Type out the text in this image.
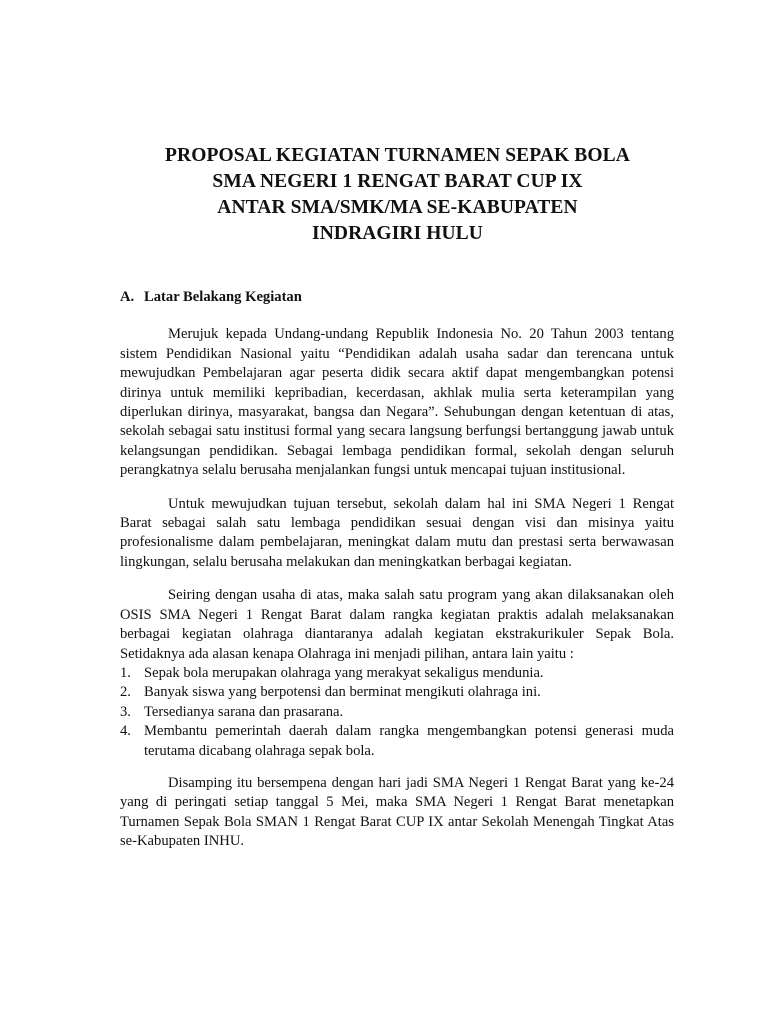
PROPOSAL KEGIATAN TURNAMEN SEPAK BOLA

SMA NEGERI 1 RENGAT BARAT CUP IX

ANTAR SMA/SMK/MA SE-KABUPATEN

INDRAGIRI HULU

A. Latar Belakang Kegiatan

Merujuk kepada Undang-undang Republik Indonesia No. 20 Tahun 2003 tentang sistem Pendidikan Nasional yaitu “Pendidikan adalah usaha sadar dan terencana untuk mewujudkan Pembelajaran agar peserta didik secara aktif dapat mengembangkan potensi dirinya untuk memiliki kepribadian, kecerdasan, akhlak mulia serta keterampilan yang diperlukan dirinya, masyarakat, bangsa dan Negara”. Sehubungan dengan ketentuan di atas, sekolah sebagai satu institusi formal yang secara langsung berfungsi bertanggung jawab untuk kelangsungan pendidikan. Sebagai lembaga pendidikan formal, sekolah dengan seluruh perangkatnya selalu berusaha menjalankan fungsi untuk mencapai tujuan institusional.

Untuk mewujudkan tujuan tersebut, sekolah dalam hal ini SMA Negeri 1 Rengat Barat sebagai salah satu lembaga pendidikan sesuai dengan visi dan misinya yaitu profesionalisme dalam pembelajaran, meningkat dalam mutu dan prestasi serta berwawasan lingkungan, selalu berusaha melakukan dan meningkatkan berbagai kegiatan.

Seiring dengan usaha di atas, maka salah satu program yang akan dilaksanakan oleh OSIS SMA Negeri 1 Rengat Barat dalam rangka kegiatan praktis adalah melaksanakan berbagai kegiatan olahraga diantaranya adalah kegiatan ekstrakurikuler Sepak Bola. Setidaknya ada alasan kenapa Olahraga ini menjadi pilihan, antara lain yaitu :

1. Sepak bola merupakan olahraga yang merakyat sekaligus mendunia.
2. Banyak siswa yang berpotensi dan berminat mengikuti olahraga ini.
3. Tersedianya sarana dan prasarana.
4. Membantu pemerintah daerah dalam rangka mengembangkan potensi generasi muda terutama dicabang olahraga sepak bola.

Disamping itu bersempena dengan hari jadi SMA Negeri 1 Rengat Barat yang ke-24 yang di peringati setiap tanggal 5 Mei, maka SMA Negeri 1 Rengat Barat menetapkan Turnamen Sepak Bola SMAN 1 Rengat Barat CUP IX antar Sekolah Menengah Tingkat Atas se-Kabupaten INHU.
